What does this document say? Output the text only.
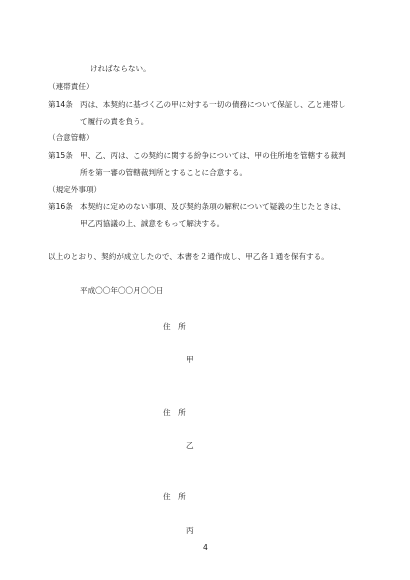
ければならない。
（連帯責任）
第14条 丙は、本契約に基づく乙の甲に対する一切の債務について保証し、乙と連帯し
て履行の責を負う。
（合意管轄）
第15条 甲、乙、丙は、この契約に関する紛争については、甲の住所地を管轄する裁判
所を第一審の管轄裁判所とすることに合意する。
（規定外事項）
第16条 本契約に定めのない事項、及び契約条項の解釈について疑義の生じたときは、
甲乙丙協議の上、誠意をもって解決する。
以上のとおり、契約が成立したので、本書を２通作成し、甲乙各１通を保有する。
平成〇〇年〇〇月〇〇日
住　所
甲
住　所
乙
住　所
丙
4
